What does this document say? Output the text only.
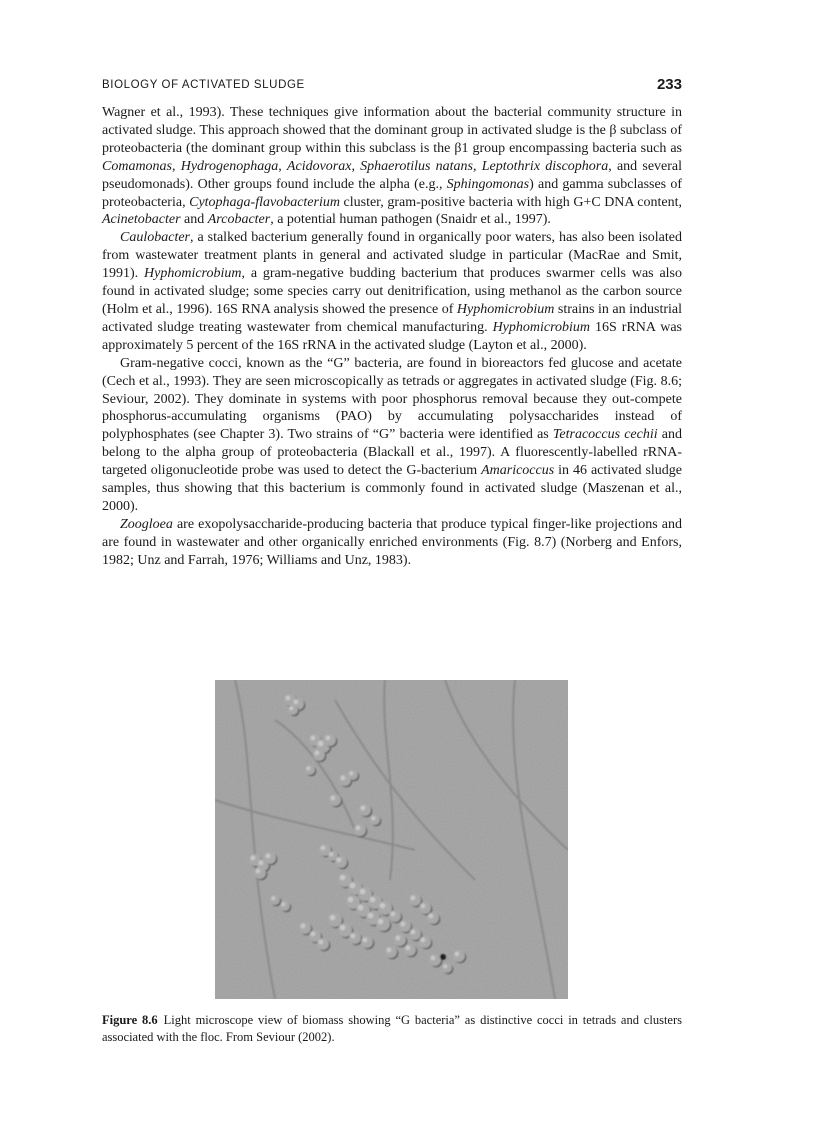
BIOLOGY OF ACTIVATED SLUDGE	233

Wagner et al., 1993). These techniques give information about the bacterial community structure in activated sludge. This approach showed that the dominant group in activated sludge is the β subclass of proteobacteria (the dominant group within this subclass is the β1 group encompassing bacteria such as Comamonas, Hydrogenophaga, Acidovorax, Sphaerotilus natans, Leptothrix discophora, and several pseudomonads). Other groups found include the alpha (e.g., Sphingomonas) and gamma subclasses of proteobacteria, Cytophaga-flavobacterium cluster, gram-positive bacteria with high G+C DNA content, Acinetobacter and Arcobacter, a potential human pathogen (Snaidr et al., 1997).

Caulobacter, a stalked bacterium generally found in organically poor waters, has also been isolated from wastewater treatment plants in general and activated sludge in particular (MacRae and Smit, 1991). Hyphomicrobium, a gram-negative budding bacterium that produces swarmer cells was also found in activated sludge; some species carry out denitrification, using methanol as the carbon source (Holm et al., 1996). 16S RNA analysis showed the presence of Hyphomicrobium strains in an industrial activated sludge treating wastewater from chemical manufacturing. Hyphomicrobium 16S rRNA was approximately 5 percent of the 16S rRNA in the activated sludge (Layton et al., 2000).

Gram-negative cocci, known as the “G” bacteria, are found in bioreactors fed glucose and acetate (Cech et al., 1993). They are seen microscopically as tetrads or aggregates in activated sludge (Fig. 8.6; Seviour, 2002). They dominate in systems with poor phosphorus removal because they out-compete phosphorus-accumulating organisms (PAO) by accumulating polysaccharides instead of polyphosphates (see Chapter 3). Two strains of “G” bacteria were identified as Tetracoccus cechii and belong to the alpha group of proteobacteria (Blackall et al., 1997). A fluorescently-labelled rRNA-targeted oligonucleotide probe was used to detect the G-bacterium Amaricoccus in 46 activated sludge samples, thus showing that this bacterium is commonly found in activated sludge (Maszenan et al., 2000).

Zoogloea are exopolysaccharide-producing bacteria that produce typical finger-like projections and are found in wastewater and other organically enriched environments (Fig. 8.7) (Norberg and Enfors, 1982; Unz and Farrah, 1976; Williams and Unz, 1983).

Figure 8.6 Light microscope view of biomass showing “G bacteria” as distinctive cocci in tetrads and clusters associated with the floc. From Seviour (2002).
